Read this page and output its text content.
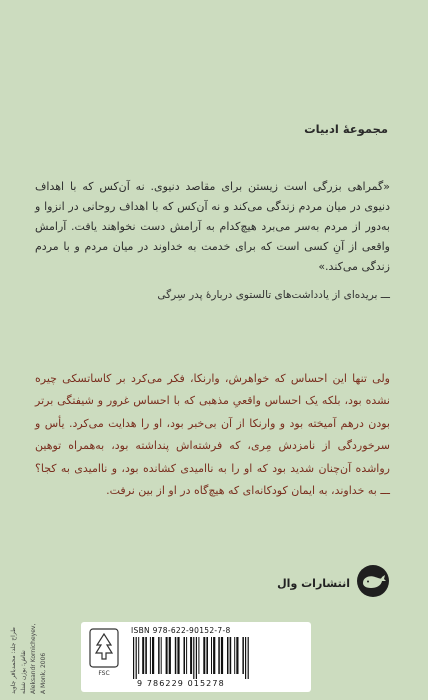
مجموعهٔ ادبیات
«گمراهی بزرگی است زیستن برای مقاصد دنیوی. نه آن‌کس که با اهداف دنیوی در میان مردم زندگی می‌کند و نه آن‌کس که با اهداف روحانی در انزوا و به‌دور از مردم به‌سر می‌برد هیچ‌کدام به آرامش دست نخواهند یافت. آرامش واقعی از آنِ کسی است که برای خدمت به خداوند در میان مردم و با مردم زندگی می‌کند.»
ـــ بریده‌ای از یادداشت‌های تالستوی دربارهٔ پدر سِرگی
ولی تنها این احساس که خواهرش، وارنکا، فکر می‌کرد بر کاساتسکی چیره نشده بود، بلکه یک احساس واقعیِ مذهبی که با احساس غرور و شیفتگی برتر بودن درهم آمیخته بود و وارنکا از آن بی‌خبر بود، او را هدایت می‌کرد. یأس و سرخوردگی از نامزدش مِری، که فرشته‌اش پنداشته بود، به‌همراه توهین رواشده آن‌چنان شدید بود که او را به ناامیدی کشانده بود، و ناامیدی به کجا؟ ـــ به خداوند، به ایمان کودکانه‌ای که هیچ‌گاه در او از بین نرفت.
انتشارات وال
FSC
ISBN 978-622-90152-7-8
9 786229 015278
طراح جلد: محمدباقر جاوید نقاش: بوژن شنله Aleksandr Kornicheyev, A Monk, 2006
